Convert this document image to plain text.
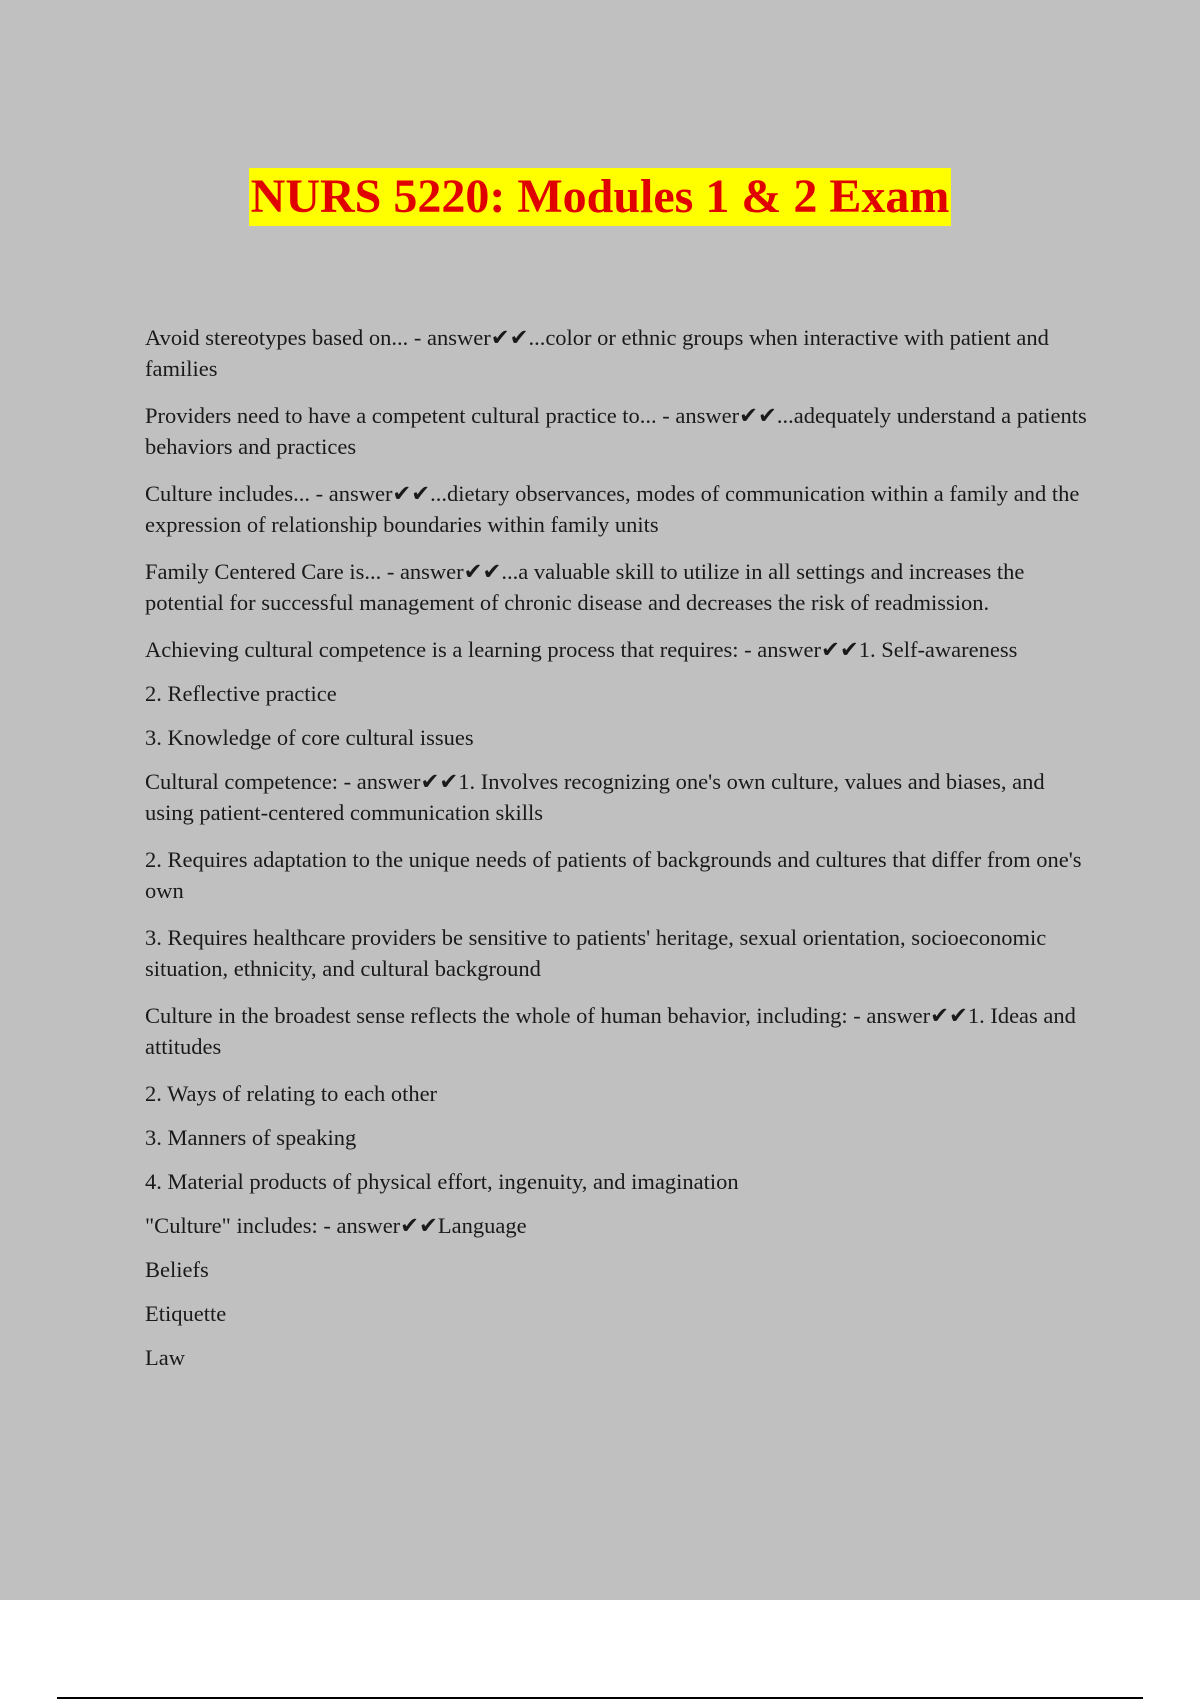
NURS 5220: Modules 1 & 2 Exam

Avoid stereotypes based on... - answer✔✔...color or ethnic groups when interactive with patient and families

Providers need to have a competent cultural practice to... - answer✔✔...adequately understand a patients behaviors and practices

Culture includes... - answer✔✔...dietary observances, modes of communication within a family and the expression of relationship boundaries within family units

Family Centered Care is... - answer✔✔...a valuable skill to utilize in all settings and increases the potential for successful management of chronic disease and decreases the risk of readmission.

Achieving cultural competence is a learning process that requires: - answer✔✔1. Self-awareness

2. Reflective practice

3. Knowledge of core cultural issues

Cultural competence: - answer✔✔1. Involves recognizing one's own culture, values and biases, and using patient-centered communication skills

2. Requires adaptation to the unique needs of patients of backgrounds and cultures that differ from one's own

3. Requires healthcare providers be sensitive to patients' heritage, sexual orientation, socioeconomic situation, ethnicity, and cultural background

Culture in the broadest sense reflects the whole of human behavior, including: - answer✔✔1. Ideas and attitudes

2. Ways of relating to each other

3. Manners of speaking

4. Material products of physical effort, ingenuity, and imagination

"Culture" includes: - answer✔✔Language

Beliefs

Etiquette

Law
